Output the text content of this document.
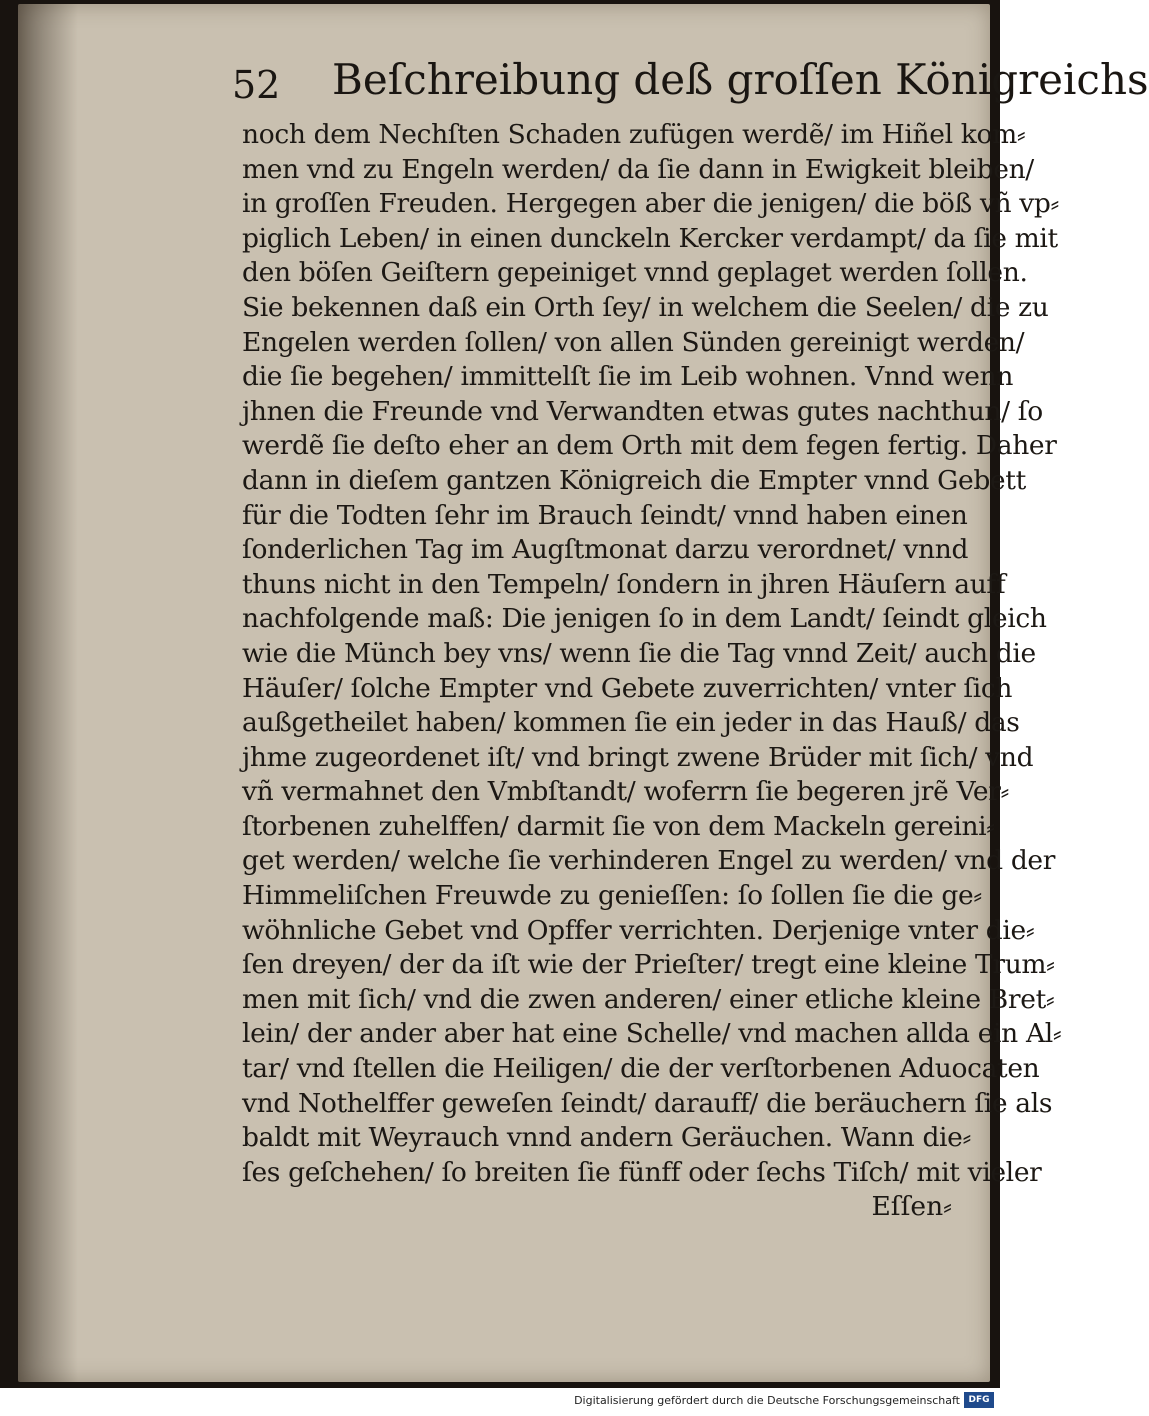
52 Beſchreibung deß groſſen Königreichs
noch dem Nechſten Schaden zufügen werdẽ/ im Hiñel kom⸗
men vnd zu Engeln werden/ da ſie dann in Ewigkeit bleiben/
in groſſen Freuden. Hergegen aber die jenigen/ die böß vñ vp⸗
piglich Leben/ in einen dunckeln Kercker verdampt/ da ſie mit
den böſen Geiſtern gepeiniget vnnd geplaget werden ſollen.
Sie bekennen daß ein Orth ſey/ in welchem die Seelen/ die zu
Engelen werden ſollen/ von allen Sünden gereinigt werden/
die ſie begehen/ immittelſt ſie im Leib wohnen. Vnnd wenn
jhnen die Freunde vnd Verwandten etwas gutes nachthun/ ſo
werdẽ ſie deſto eher an dem Orth mit dem fegen fertig. Daher
dann in dieſem gantzen Königreich die Empter vnnd Gebett
für die Todten ſehr im Brauch ſeindt/ vnnd haben einen
ſonderlichen Tag im Augſtmonat darzu verordnet/ vnnd
thuns nicht in den Tempeln/ ſondern in jhren Häuſern auff
nachfolgende maß: Die jenigen ſo in dem Landt/ ſeindt gleich
wie die Münch bey vns/ wenn ſie die Tag vnnd Zeit/ auch die
Häuſer/ ſolche Empter vnd Gebete zuverrichten/ vnter ſich
außgetheilet haben/ kommen ſie ein jeder in das Hauß/ das
jhme zugeordenet iſt/ vnd bringt zwene Brüder mit ſich/ vnd
vñ vermahnet den Vmbſtandt/ woferrn ſie begeren jrẽ Ver⸗
ſtorbenen zuhelffen/ darmit ſie von dem Mackeln gereini⸗
get werden/ welche ſie verhinderen Engel zu werden/ vnd der
Himmeliſchen Freuwde zu genieſſen: ſo ſollen ſie die ge⸗
wöhnliche Gebet vnd Opffer verrichten. Derjenige vnter die⸗
ſen dreyen/ der da iſt wie der Prieſter/ tregt eine kleine Trum⸗
men mit ſich/ vnd die zwen anderen/ einer etliche kleine Bret⸗
lein/ der ander aber hat eine Schelle/ vnd machen allda ein Al⸗
tar/ vnd ſtellen die Heiligen/ die der verſtorbenen Aduocaten
vnd Nothelffer geweſen ſeindt/ darauff/ die beräuchern ſie als
baldt mit Weyrauch vnnd andern Geräuchen. Wann die⸗
ſes geſchehen/ ſo breiten ſie fünff oder ſechs Tiſch/ mit vieler
Eſſen⸗
Digitalisierung gefördert durch die Deutsche Forschungsgemeinschaft DFG
